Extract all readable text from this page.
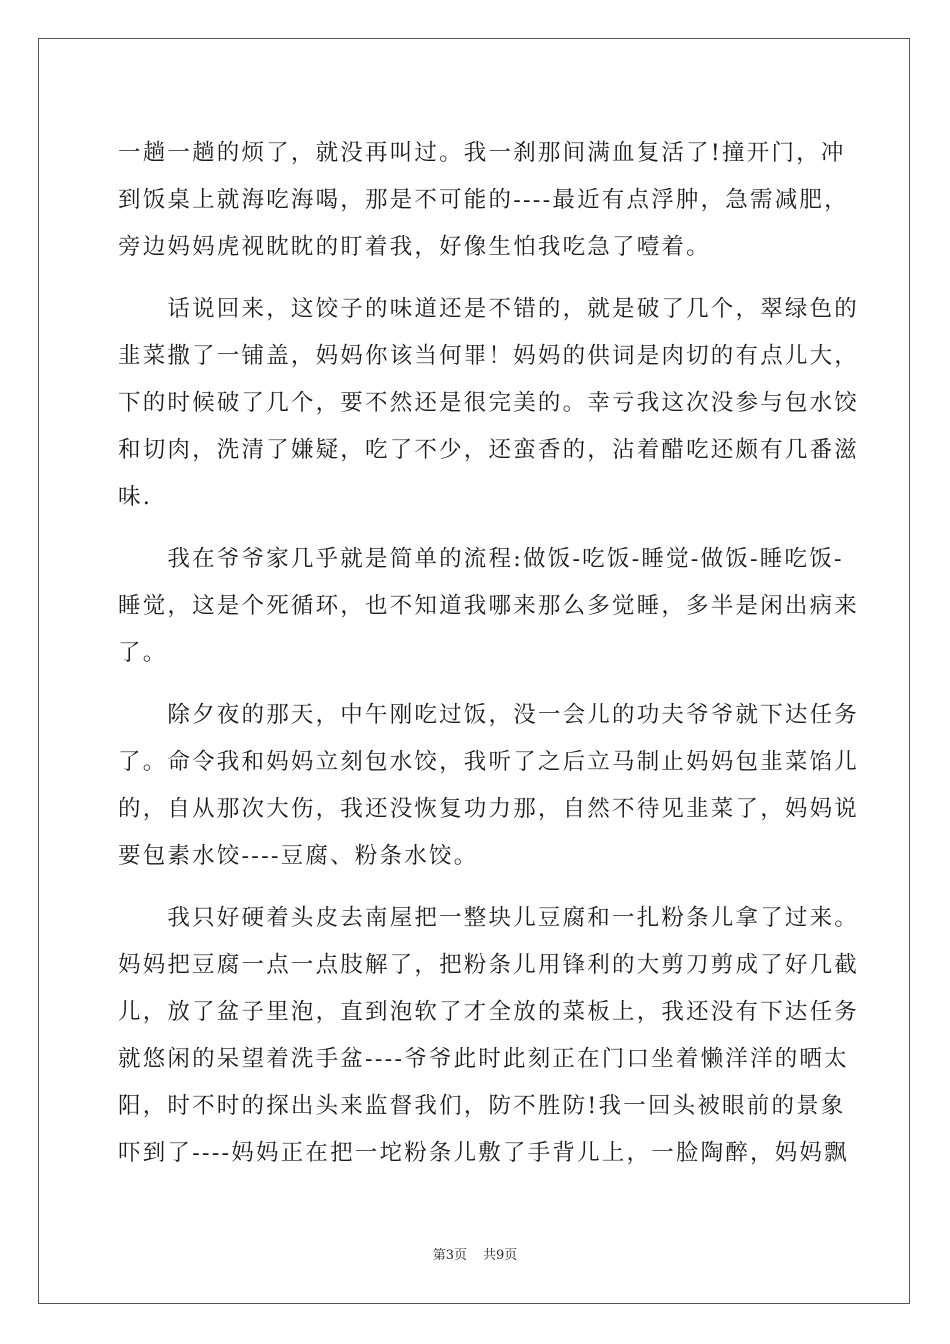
一趟一趟的烦了，就没再叫过。我一刹那间满血复活了!撞开门，冲
到饭桌上就海吃海喝，那是不可能的----最近有点浮肿，急需减肥，
旁边妈妈虎视眈眈的盯着我，好像生怕我吃急了噎着。
　　话说回来，这饺子的味道还是不错的，就是破了几个，翠绿色的
韭菜撒了一铺盖，妈妈你该当何罪！妈妈的供词是肉切的有点儿大，
下的时候破了几个，要不然还是很完美的。幸亏我这次没参与包水饺
和切肉，洗清了嫌疑，吃了不少，还蛮香的，沾着醋吃还颇有几番滋
味.
　　我在爷爷家几乎就是简单的流程:做饭-吃饭-睡觉-做饭-睡吃饭-
睡觉，这是个死循环，也不知道我哪来那么多觉睡，多半是闲出病来
了。
　　除夕夜的那天，中午刚吃过饭，没一会儿的功夫爷爷就下达任务
了。命令我和妈妈立刻包水饺，我听了之后立马制止妈妈包韭菜馅儿
的，自从那次大伤，我还没恢复功力那，自然不待见韭菜了，妈妈说
要包素水饺----豆腐、粉条水饺。
　　我只好硬着头皮去南屋把一整块儿豆腐和一扎粉条儿拿了过来。
妈妈把豆腐一点一点肢解了，把粉条儿用锋利的大剪刀剪成了好几截
儿，放了盆子里泡，直到泡软了才全放的菜板上，我还没有下达任务
就悠闲的呆望着洗手盆----爷爷此时此刻正在门口坐着懒洋洋的晒太
阳，时不时的探出头来监督我们，防不胜防!我一回头被眼前的景象
吓到了----妈妈正在把一坨粉条儿敷了手背儿上，一脸陶醉，妈妈飘
第3页 共9页
